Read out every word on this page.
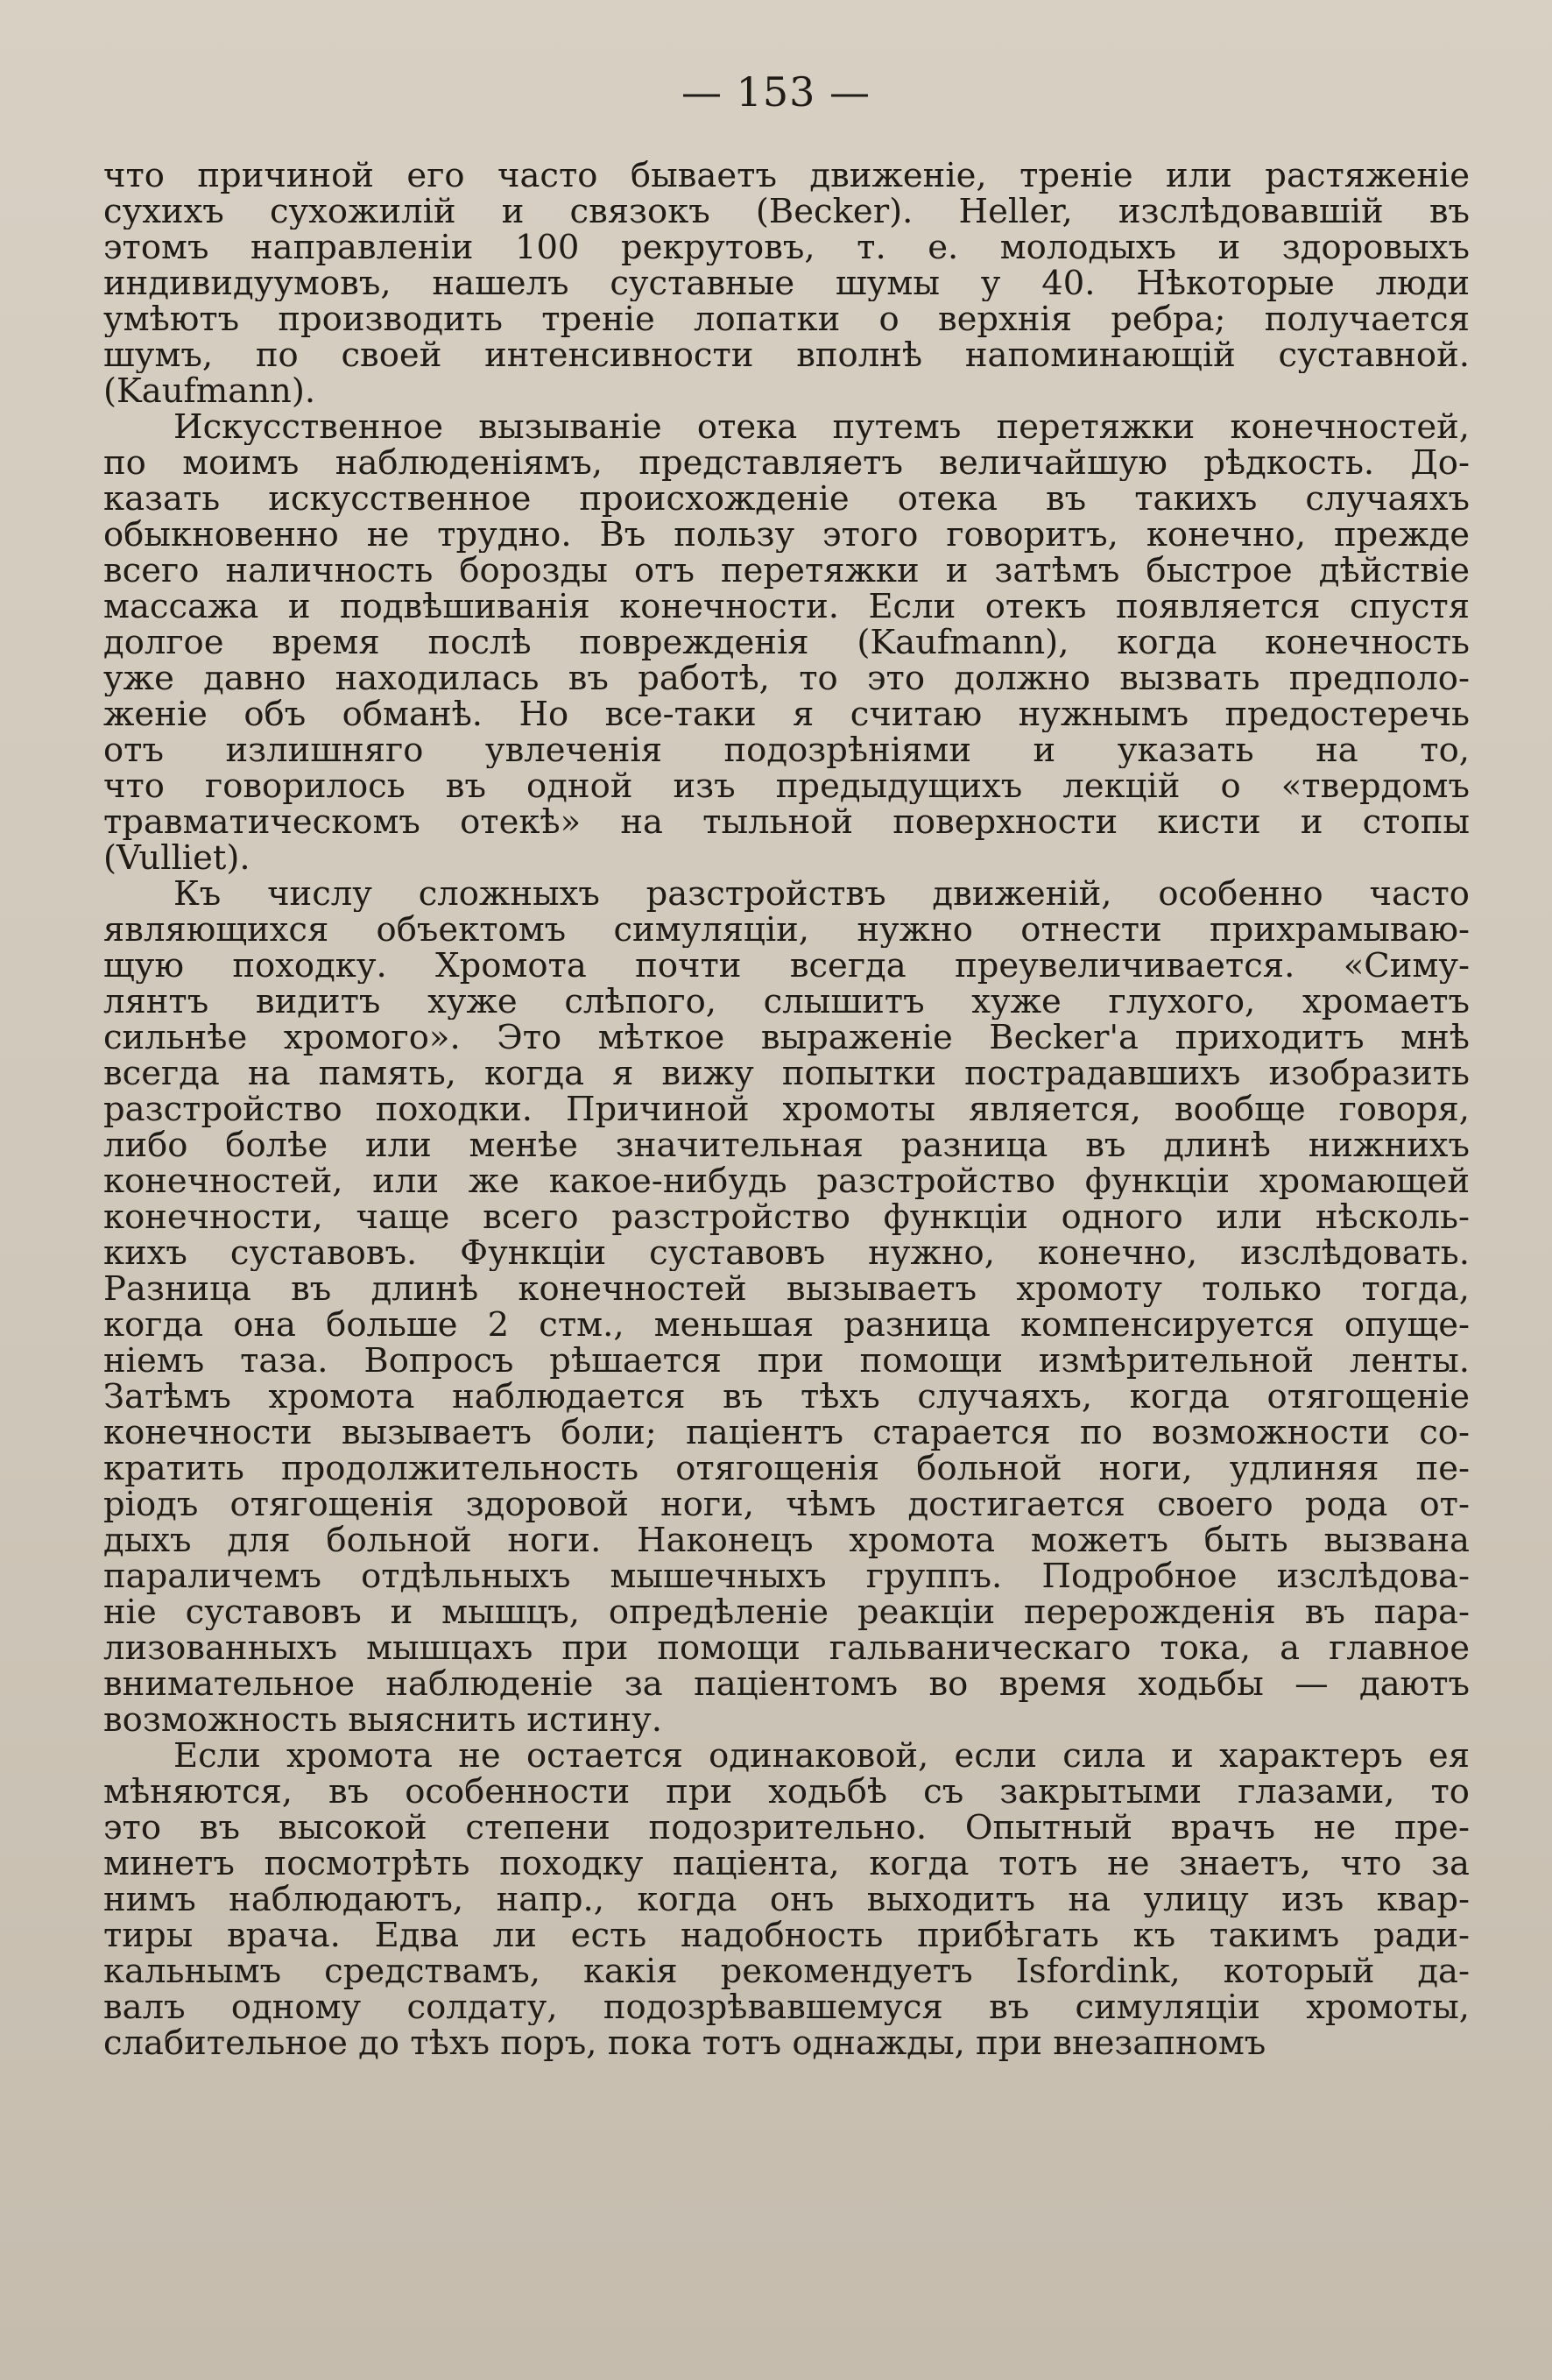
— 153 —
что причиной его часто бываетъ движеніе, треніе или растяженіе
сухихъ сухожилій и связокъ (Becker). Heller, изслѣдовавшій въ
этомъ направленіи 100 рекрутовъ, т. е. молодыхъ и здоровыхъ
индивидуумовъ, нашелъ суставные шумы у 40. Нѣкоторые люди
умѣютъ производить треніе лопатки о верхнія ребра; получается
шумъ, по своей интенсивности вполнѣ напоминающій суставной.
(Kaufmann).
Искусственное вызываніе отека путемъ перетяжки конечностей,
по моимъ наблюденіямъ, представляетъ величайшую рѣдкость. До-
казать искусственное происхожденіе отека въ такихъ случаяхъ
обыкновенно не трудно. Въ пользу этого говоритъ, конечно, прежде
всего наличность борозды отъ перетяжки и затѣмъ быстрое дѣйствіе
массажа и подвѣшиванія конечности. Если отекъ появляется спустя
долгое время послѣ поврежденія (Kaufmann), когда конечность
уже давно находилась въ работѣ, то это должно вызвать предполо-
женіе объ обманѣ. Но все-таки я считаю нужнымъ предостеречь
отъ излишняго увлеченія подозрѣніями и указать на то,
что говорилось въ одной изъ предыдущихъ лекцій о «твердомъ
травматическомъ отекѣ» на тыльной поверхности кисти и стопы
(Vulliet).
Къ числу сложныхъ разстройствъ движеній, особенно часто
являющихся объектомъ симуляціи, нужно отнести прихрамываю-
щую походку. Хромота почти всегда преувеличивается. «Симу-
лянтъ видитъ хуже слѣпого, слышитъ хуже глухого, хромаетъ
сильнѣе хромого». Это мѣткое выраженіе Becker'a приходитъ мнѣ
всегда на память, когда я вижу попытки пострадавшихъ изобразить
разстройство походки. Причиной хромоты является, вообще говоря,
либо болѣе или менѣе значительная разница въ длинѣ нижнихъ
конечностей, или же какое-нибудь разстройство функціи хромающей
конечности, чаще всего разстройство функціи одного или нѣсколь-
кихъ суставовъ. Функціи суставовъ нужно, конечно, изслѣдовать.
Разница въ длинѣ конечностей вызываетъ хромоту только тогда,
когда она больше 2 стм., меньшая разница компенсируется опуще-
ніемъ таза. Вопросъ рѣшается при помощи измѣрительной ленты.
Затѣмъ хромота наблюдается въ тѣхъ случаяхъ, когда отягощеніе
конечности вызываетъ боли; паціентъ старается по возможности со-
кратить продолжительность отягощенія больной ноги, удлиняя пе-
ріодъ отягощенія здоровой ноги, чѣмъ достигается своего рода от-
дыхъ для больной ноги. Наконецъ хромота можетъ быть вызвана
параличемъ отдѣльныхъ мышечныхъ группъ. Подробное изслѣдова-
ніе суставовъ и мышцъ, опредѣленіе реакціи перерожденія въ пара-
лизованныхъ мышцахъ при помощи гальваническаго тока, а главное
внимательное наблюденіе за паціентомъ во время ходьбы — даютъ
возможность выяснить истину.
Если хромота не остается одинаковой, если сила и характеръ ея
мѣняются, въ особенности при ходьбѣ съ закрытыми глазами, то
это въ высокой степени подозрительно. Опытный врачъ не пре-
минетъ посмотрѣть походку паціента, когда тотъ не знаетъ, что за
нимъ наблюдаютъ, напр., когда онъ выходитъ на улицу изъ квар-
тиры врача. Едва ли есть надобность прибѣгать къ такимъ ради-
кальнымъ средствамъ, какія рекомендуетъ Isfordink, который да-
валъ одному солдату, подозрѣвавшемуся въ симуляціи хромоты,
слабительное до тѣхъ поръ, пока тотъ однажды, при внезапномъ
